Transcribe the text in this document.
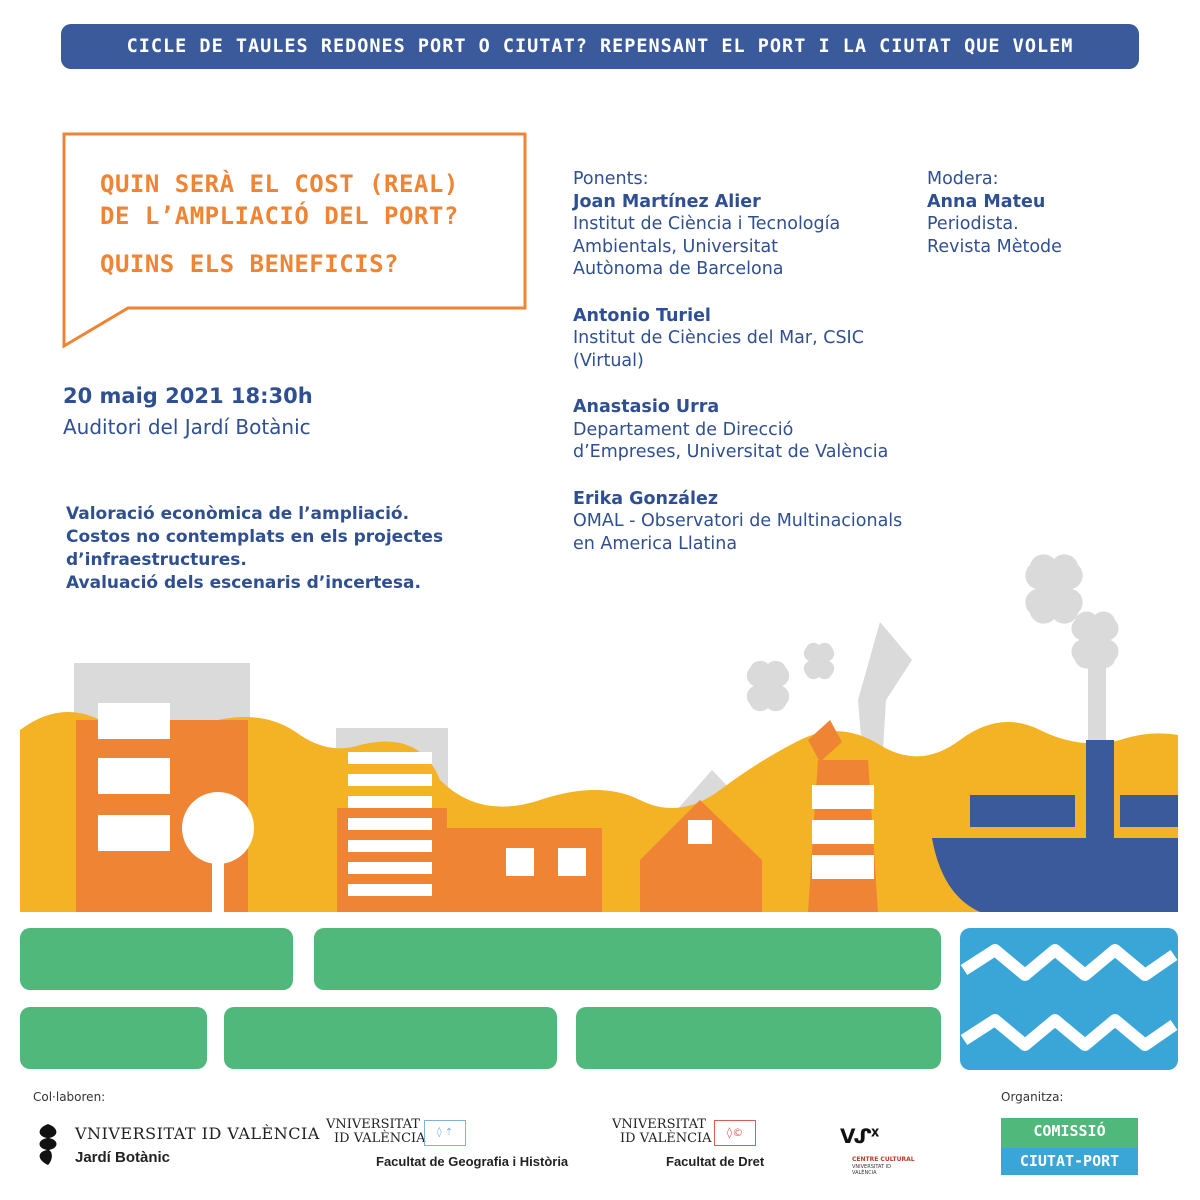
CICLE DE TAULES REDONES PORT O CIUTAT? REPENSANT EL PORT I LA CIUTAT QUE VOLEM
QUIN SERÀ EL COST (REAL)
DE L’AMPLIACIÓ DEL PORT?
QUINS ELS BENEFICIS?
20 maig 2021 18:30h
Auditori del Jardí Botànic
Valoració econòmica de l’ampliació.
Costos no contemplats en els projectes
d’infraestructures.
Avaluació dels escenaris d’incertesa.
Ponents:
Joan Martínez Alier
Institut de Ciència i Tecnología
Ambientals, Universitat
Autònoma de Barcelona
Antonio Turiel
Institut de Ciències del Mar, CSIC
(Virtual)
Anastasio Urra
Departament de Direcció
d’Empreses, Universitat de València
Erika González
OMAL - Observatori de Multinacionals
en America Llatina
Modera:
Anna Mateu
Periodista.
Revista Mètode
Col·laboren:	Organitza:
VNIVERSITAT ID VALÈNCIA
Jardí Botànic
VNIVERSITAT
ID VALÈNCIA	◊ ⇡
Facultat de Geografia i Història
VNIVERSITAT
ID VALÈNCIA	◊©
Facultat de Dret
ᐯᔑᕽ
CENTRE CULTURAL
VNIVERSITAT ID VALÈNCIA
COMISSIÓ
CIUTAT-PORT
